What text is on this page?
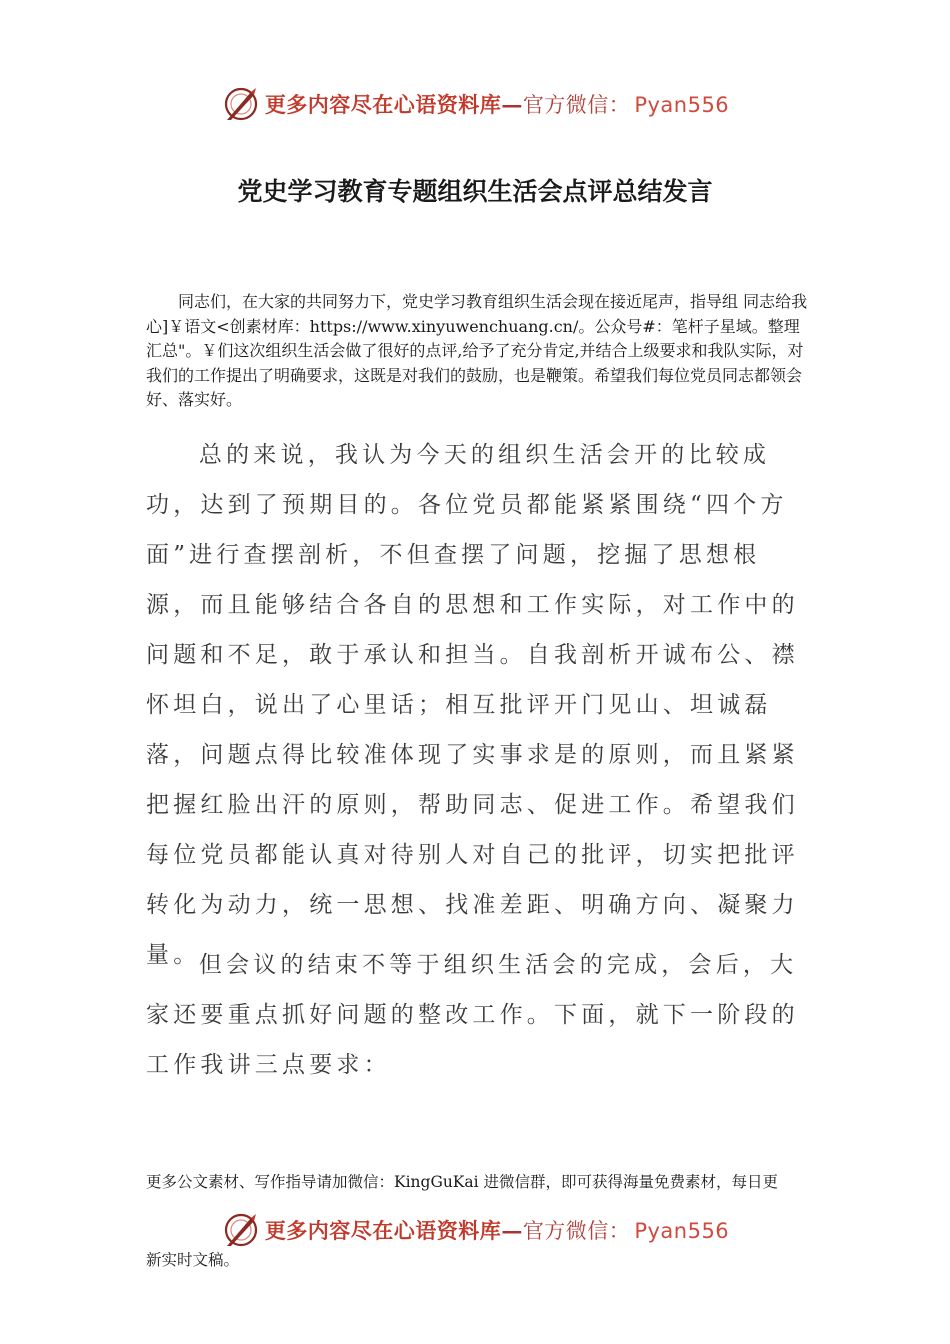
更多内容尽在心语资料库—官方微信： Pyan556
党史学习教育专题组织生活会点评总结发言

同志们，在大家的共同努力下，党史学习教育组织生活会现在接近尾声，指导组 同志给我心]￥语文<创素材库：https://www.xinyuwenchuang.cn/。公众号#：笔杆子星域。整理汇总"。￥们这次组织生活会做了很好的点评,给予了充分肯定,并结合上级要求和我队实际，对我们的工作提出了明确要求，这既是对我们的鼓励，也是鞭策。希望我们每位党员同志都领会好、落实好。

总的来说，我认为今天的组织生活会开的比较成功，达到了预期目的。各位党员都能紧紧围绕“四个方面”进行查摆剖析，不但查摆了问题，挖掘了思想根源，而且能够结合各自的思想和工作实际，对工作中的问题和不足，敢于承认和担当。自我剖析开诚布公、襟怀坦白，说出了心里话；相互批评开门见山、坦诚磊落，问题点得比较准体现了实事求是的原则，而且紧紧把握红脸出汗的原则，帮助同志、促进工作。希望我们每位党员都能认真对待别人对自己的批评，切实把批评转化为动力，统一思想、找准差距、明确方向、凝聚力量。

但会议的结束不等于组织生活会的完成，会后，大家还要重点抓好问题的整改工作。下面，就下一阶段的工作我讲三点要求：

更多公文素材、写作指导请加微信：KingGuKai 进微信群，即可获得海量免费素材，每日更

更多内容尽在心语资料库—官方微信： Pyan556

新实时文稿。
